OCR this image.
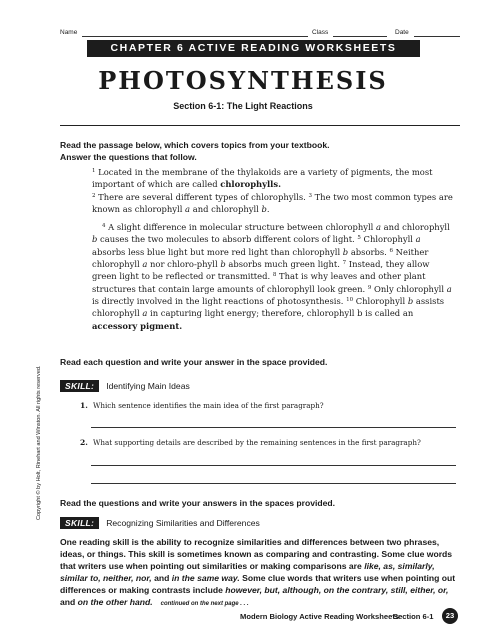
Name	Class	Date
CHAPTER 6 ACTIVE READING WORKSHEETS
PHOTOSYNTHESIS
Section 6-1: The Light Reactions
Read the passage below, which covers topics from your textbook.
Answer the questions that follow.

$^1$ Located in the membrane of the thylakoids are a variety of pigments, the most important of which are called chlorophylls.
$^2$ There are several different types of chlorophylls. $^3$ The two most common types are known as chlorophyll a and chlorophyll b.

$^4$ A slight difference in molecular structure between chlorophyll a and chlorophyll b causes the two molecules to absorb different colors of light. $^5$ Chlorophyll a absorbs less blue light but more red light than chlorophyll b absorbs. $^6$ Neither chlorophyll a nor chloro-phyll b absorbs much green light. $^7$ Instead, they allow green light to be reflected or transmitted. $^8$ That is why leaves and other plant structures that contain large amounts of chlorophyll look green. $^9$ Only chlorophyll a is directly involved in the light reactions of photosynthesis. $^{10}$ Chlorophyll b assists chlorophyll a in capturing light energy; therefore, chlorophyll b is called an accessory pigment.

Read each question and write your answer in the space provided.
SKILL:	Identifying Main Ideas
1. Which sentence identifies the main idea of the first paragraph?
2. What supporting details are described by the remaining sentences in the first paragraph?
Read the questions and write your answers in the spaces provided.
SKILL:	Recognizing Similarities and Differences
One reading skill is the ability to recognize similarities and differences between two phrases, ideas, or things. This skill is sometimes known as comparing and contrasting. Some clue words that writers use when pointing out similarities or making comparisons are like, as, similarly, similar to, neither, nor, and in the same way. Some clue words that writers use when pointing out differences or making contrasts include however, but, although, on the contrary, still, either, or, and on the other hand. continued on the next page . . .
Copyright © by Holt, Rinehart and Winston. All rights reserved.
Modern Biology Active Reading Worksheets
Section 6-1	23
